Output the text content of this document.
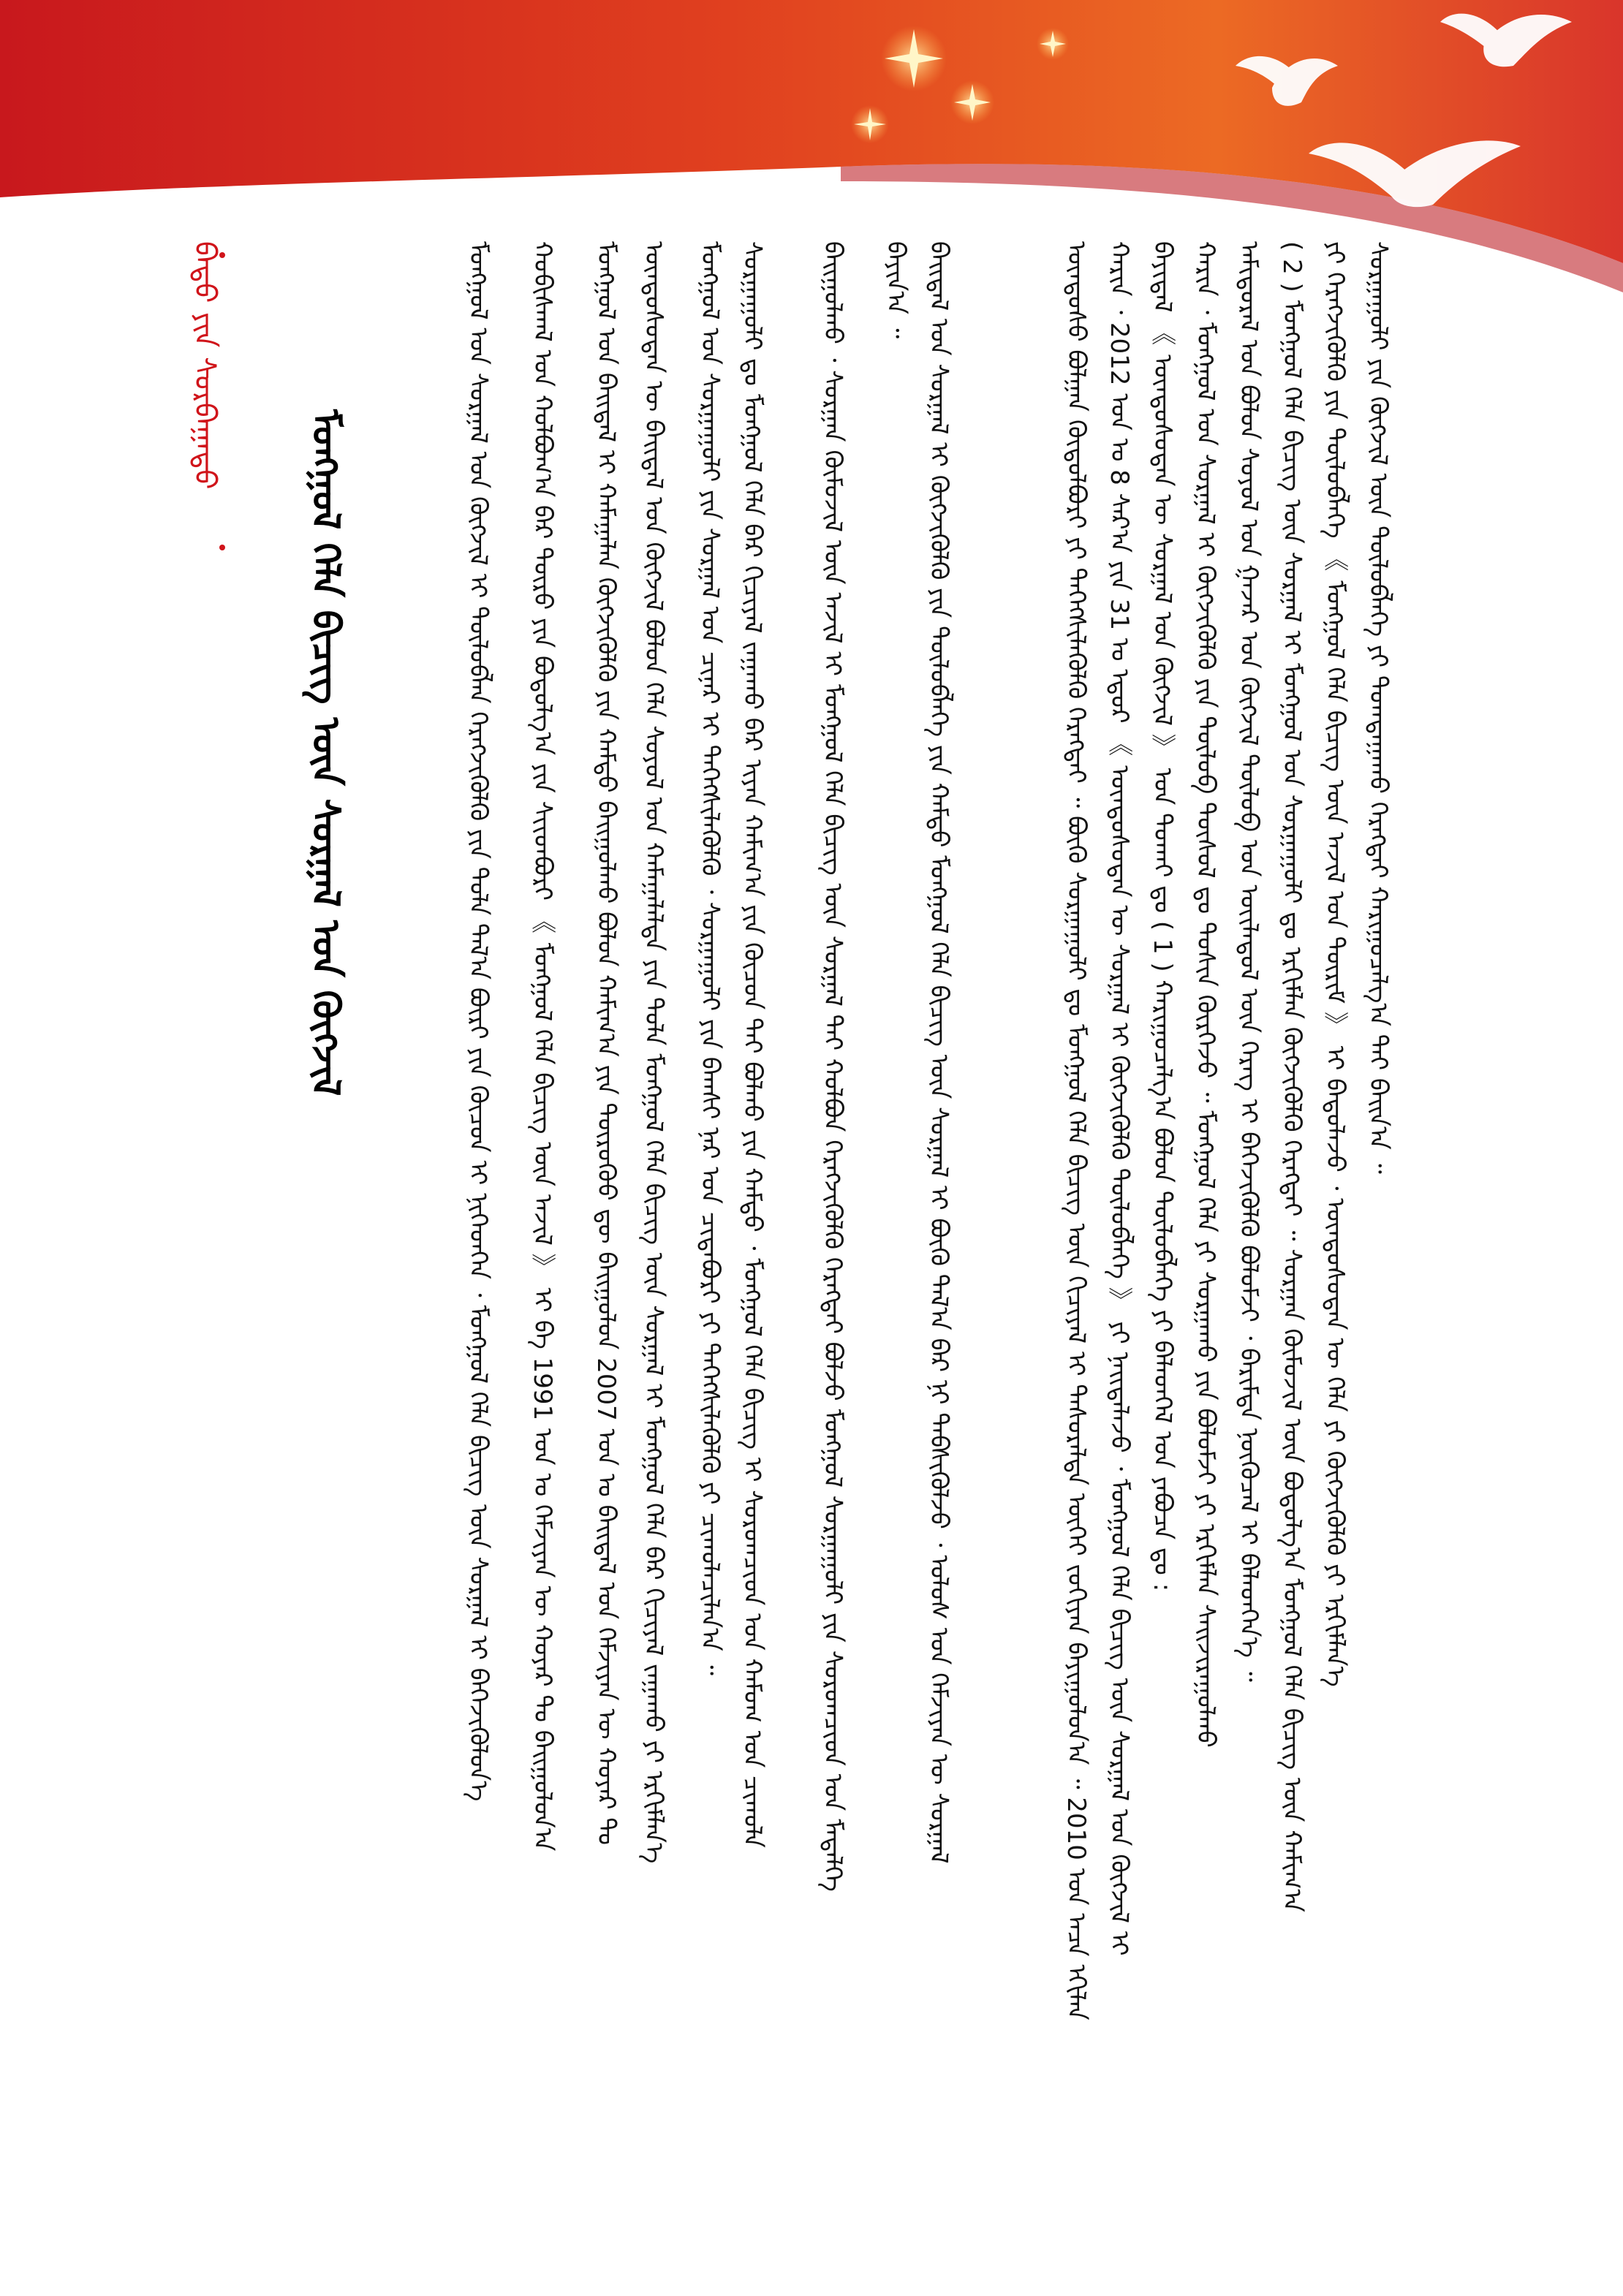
ᠮᠣᠩᠭᠣᠯ ᠬᠡᠯᠡ ᠪᠢᠴᠢᠭ ᠦᠨ ᠰᠤᠷᠭᠠᠯ ᠤᠨ ᠬᠥᠭᠵᠢᠯ
ᠪᠠᠲᠤ ᠶᠢᠨ ᠰᠤᠷᠪᠠᠭᠠᠲᠤ	ᠰᠤᠷᠭᠠᠭᠤᠯᠢ ᠶᠢᠨ ᠬᠥᠭᠵᠢᠯ ᠦᠨ ᠲᠥᠯᠥᠪᠯᠡᠭᠡ ᠶᠢ ᠲᠣᠭᠲᠠᠭᠠᠬᠤ ᠬᠡᠷᠡᠭᠲᠡᠢ ᠬᠠᠷᠢᠭᠤᠴᠠᠯᠭ᠎ᠠ ᠲᠠᠢ ᠪᠠᠢᠨ᠎ᠠ ᠃
ᠶᠢ ᠬᠡᠷᠡᠭᠵᠢᠭᠦᠯᠬᠦ ᠶᠢᠨ ᠲᠥᠯᠥᠪᠯᠡᠭᠡ 《 ᠮᠣᠩᠭᠣᠯ ᠬᠡᠯᠡ ᠪᠢᠴᠢᠭ ᠦᠨ ᠠᠵᠢᠯ ᠤᠨ ᠳᠦᠷᠢᠮ 》 ᠢ ᠪᠠᠲᠤᠯᠠᠵᠤ ᠂ ᠦᠨᠳᠦᠰᠦᠲᠡᠨ ᠦ ᠬᠡᠯᠡ ᠶᠢ ᠬᠥᠭᠵᠢᠭᠦᠯᠬᠦ ᠶᠢ ᠡᠷᠬᠢᠮᠯᠡᠨ᠎ᠡ
( 2 ) ᠮᠣᠩᠭᠣᠯ ᠬᠡᠯᠡ ᠪᠢᠴᠢᠭ ᠦᠨ ᠰᠤᠷᠭᠠᠯ ᠢ ᠮᠣᠩᠭᠣᠯ ᠤᠨ ᠰᠤᠷᠭᠠᠭᠤᠯᠢ ᠳᠤ ᠡᠷᠬᠢᠮᠯᠡᠨ ᠬᠥᠭᠵᠢᠭᠦᠯᠬᠦ ᠬᠡᠷᠡᠭᠲᠡᠢ ᠃ ᠰᠤᠷᠭᠠᠨ ᠬᠦᠮᠦᠵᠢᠯ ᠦᠨ ᠪᠣᠳᠤᠯᠭ᠎ᠠ ᠮᠣᠩᠭᠣᠯ ᠬᠡᠯᠡ ᠪᠢᠴᠢᠭ ᠦᠨ ᠬᠠᠮᠢᠭ᠎ᠠ
ᠠᠮᠢᠳᠤᠷᠠᠯ ᠤᠨ ᠪᠣᠯᠤᠨ ᠰᠣᠶᠣᠯ ᠤᠨ ᠭᠠᠵᠠᠷ ᠤᠨ ᠬᠥᠭᠵᠢᠯ ᠲᠥᠯᠥᠪ ᠤᠨ ᠦᠢᠯᠡᠳᠦᠯ ᠦᠨ ᠬᠡᠷᠡᠭ ᠢ ᠪᠡᠬᠡᠵᠢᠭᠦᠯᠬᠦ ᠪᠣᠯᠤᠮᠵᠢ ᠂ ᠪᠠᠷᠢᠮᠲᠠ ᠨᠥᠬᠥᠴᠡᠯ ᠢ ᠪᠡᠯᠡᠳᠬᠡᠨ᠎ᠡ ᠃
ᠬᠠᠷᠢᠨ ᠂ ᠮᠣᠩᠭᠣᠯ ᠤᠨ ᠰᠤᠷᠭᠠᠯ ᠢ ᠬᠥᠭᠵᠢᠭᠦᠯᠬᠦ ᠶᠢᠨ ᠲᠥᠯᠥᠪ ᠲᠥᠰᠥᠯ ᠳᠤ ᠲᠣᠰᠢᠨ ᠬᠦᠷᠭᠡᠵᠦ ᠃ ᠮᠣᠩᠭᠣᠯ ᠬᠡᠯᠡ ᠶᠢ ᠰᠤᠷᠭᠠᠬᠤ ᠶᠢᠨ ᠪᠣᠯᠤᠮᠵᠢ ᠶᠢ ᠡᠷᠬᠢᠮᠯᠡᠨ ᠰᠠᠢᠵᠢᠷᠠᠭᠤᠯᠬᠤ
ᠪᠠᠶᠢᠳᠠᠯ 《 ᠦᠨᠳᠦᠰᠦᠲᠡᠨ ᠦ ᠰᠤᠷᠭᠠᠯ ᠤᠨ ᠬᠥᠭᠵᠢᠯ 》 ᠤᠨ ᠲᠤᠬᠠᠢ ᠳᠤ ( 1 ) ᠬᠠᠷᠢᠭᠤᠴᠠᠯᠭ᠎ᠠ ᠪᠣᠯᠤᠨ ᠲᠥᠯᠥᠪᠯᠡᠭᠡ ᠶᠢ ᠪᠡᠯᠡᠳᠬᠡᠯ ᠤᠨ ᠶᠠᠪᠤᠴᠠ ᠳᠤ :
ᠬᠠᠷᠢᠨ ᠂ 2012 ᠣᠨ ᠤ 8 ᠰᠠᠷ᠎ᠠ ᠶᠢᠨ 31 ᠤ ᠡᠳᠦᠷ 《 ᠦᠨᠳᠦᠰᠦᠲᠡᠨ ᠦ ᠰᠤᠷᠭᠠᠯ ᠢ ᠬᠥᠭᠵᠢᠭᠦᠯᠬᠦ ᠲᠥᠯᠥᠪᠯᠡᠭᠡ 》 ᠶᠢ ᠨᠡᠢᠲᠡᠯᠡᠵᠦ ᠂ ᠮᠣᠩᠭᠣᠯ ᠬᠡᠯᠡ ᠪᠢᠴᠢᠭ ᠦᠨ ᠰᠤᠷᠭᠠᠯ ᠤᠨ ᠬᠥᠭᠵᠢᠯ ᠢ
ᠦᠨᠳᠦᠰᠦ ᠪᠣᠯᠭᠠᠨ ᠬᠥᠲᠦᠯᠪᠦᠷᠢ ᠶᠢ ᠳᠡᠭᠡᠭᠰᠢᠯᠡᠭᠦᠯᠬᠦ ᠬᠡᠷᠡᠭᠲᠡᠢ ᠃ ᠪᠦᠬᠦ ᠰᠤᠷᠭᠠᠭᠤᠯᠢ ᠳᠤ ᠮᠣᠩᠭᠣᠯ ᠬᠡᠯᠡ ᠪᠢᠴᠢᠭ ᠦᠨ ᠬᠢᠴᠢᠶᠡᠯ ᠢ ᠲᠠᠰᠤᠷᠠᠯᠲᠠ ᠦᠭᠡᠢ ᠵᠣᠬᠢᠶᠠᠨ ᠪᠠᠶᠢᠭᠤᠯᠤᠨ᠎ᠠ ᠃ 2010 ᠣᠨ ᠠᠴᠠ ᠡᠬᠢᠯᠡᠨ
ᠪᠠᠢᠳᠠᠯ ᠤᠨ ᠰᠤᠷᠭᠠᠯ ᠢ ᠬᠥᠭᠵᠢᠭᠦᠯᠬᠦ ᠶᠢᠨ ᠲᠥᠯᠥᠪᠯᠡᠭᠡ ᠶᠢᠨ ᠬᠠᠮᠲᠤ ᠮᠣᠩᠭᠣᠯ ᠬᠡᠯᠡ ᠪᠢᠴᠢᠭ ᠦᠨ ᠰᠤᠷᠭᠠᠯ ᠢ ᠪᠦᠬᠦ ᠲᠠᠯ᠎ᠠ ᠪᠠᠷ ᠨᠢ ᠳᠡᠪᠰᠢᠭᠦᠯᠵᠦ ᠂ ᠤᠯᠤᠰ ᠤᠨ ᠬᠡᠮᠵᠢᠶᠡᠨ ᠦ ᠰᠤᠷᠭᠠᠯ
ᠪᠠᠶᠢᠨ᠎ᠠ ᠃
ᠪᠠᠢᠭᠤᠯᠬᠤ ᠂ ᠰᠤᠷᠭᠠᠨ ᠬᠦᠮᠦᠵᠢᠯ ᠦᠨ ᠠᠵᠢᠯ ᠢ ᠮᠣᠩᠭᠣᠯ ᠬᠡᠯᠡ ᠪᠢᠴᠢᠭ ᠦᠨ ᠰᠤᠷᠭᠠᠯ ᠲᠠᠢ ᠬᠣᠯᠪᠣᠨ ᠬᠡᠷᠡᠭᠵᠢᠭᠦᠯᠬᠦ ᠬᠡᠷᠡᠭᠲᠡᠢ ᠪᠣᠯᠵᠤ ᠮᠣᠩᠭᠣᠯ ᠰᠤᠷᠭᠠᠭᠤᠯᠢ ᠶᠢᠨ ᠰᠤᠷᠤᠭᠴᠢᠳ ᠤᠨ ᠮᠡᠳᠡᠯᠭᠡ
ᠰᠤᠷᠭᠠᠭᠤᠯᠢ ᠳᠤ ᠮᠣᠩᠭᠣᠯ ᠬᠡᠯᠡ ᠪᠠᠷ ᠬᠢᠴᠢᠶᠡᠯ ᠵᠠᠭᠠᠬᠤ ᠪᠠᠷ ᠢᠶᠡᠨ ᠬᠠᠮᠢᠭ᠎ᠠ ᠶᠢᠨ ᠬᠦᠴᠦᠨ ᠲᠡᠢ ᠪᠣᠯᠬᠤ ᠶᠢᠨ ᠬᠠᠮᠲᠤ ᠂ ᠮᠣᠩᠭᠣᠯ ᠬᠡᠯᠡ ᠪᠢᠴᠢᠭ ᠢ ᠰᠤᠷᠤᠭᠴᠢᠳ ᠤᠨ ᠬᠠᠮᠤᠭ ᠤᠨ ᠴᠢᠬᠤᠯᠠ
ᠮᠣᠩᠭᠣᠯ ᠤᠨ ᠰᠤᠷᠭᠠᠭᠤᠯᠢ ᠶᠢᠨ ᠰᠤᠷᠭᠠᠯ ᠤᠨ ᠴᠢᠨᠠᠷ ᠢ ᠳᠡᠭᠡᠭᠰᠢᠯᠡᠭᠦᠯᠬᠦ ᠂ ᠰᠤᠷᠭᠠᠭᠤᠯᠢ ᠶᠢᠨ ᠪᠠᠭᠰᠢ ᠨᠠᠷ ᠤᠨ ᠴᠢᠳᠠᠪᠤᠷᠢ ᠶᠢ ᠳᠡᠭᠡᠭᠰᠢᠯᠡᠭᠦᠯᠬᠦ ᠶᠢ ᠴᠢᠬᠤᠯᠠᠴᠢᠯᠠᠨ᠎ᠠ ᠃
ᠦᠨᠳᠦᠰᠦᠲᠡᠨ ᠦ ᠪᠠᠢᠳᠠᠯ ᠤᠨ ᠬᠥᠭᠵᠢᠯ ᠪᠣᠯᠤᠨ ᠬᠡᠯᠡ ᠰᠣᠶᠣᠯ ᠤᠨ ᠬᠠᠮᠠᠭᠠᠯᠠᠯᠲᠠ ᠶᠢᠨ ᠲᠤᠯᠠ ᠮᠣᠩᠭᠣᠯ ᠬᠡᠯᠡ ᠪᠢᠴᠢᠭ ᠦᠨ ᠰᠤᠷᠭᠠᠯ ᠢ ᠮᠣᠩᠭᠣᠯ ᠬᠡᠯᠡ ᠪᠠᠷ ᠬᠢᠴᠢᠶᠡᠯ ᠵᠠᠭᠠᠬᠤ ᠶᠢ ᠡᠷᠬᠢᠮᠯᠡᠨ᠎ᠡ
ᠮᠣᠩᠭᠣᠯ ᠤᠨ ᠪᠠᠢᠳᠠᠯ ᠢ ᠬᠠᠮᠠᠭᠠᠯᠠᠨ ᠬᠥᠭᠵᠢᠭᠦᠯᠬᠦ ᠶᠢᠨ ᠬᠠᠮᠲᠤ ᠪᠠᠢᠭᠤᠯᠬᠤ ᠪᠣᠯᠤᠨ ᠬᠠᠮᠢᠭ᠎ᠠ ᠶᠢᠨ ᠲᠦᠷᠦᠭᠦᠦ ᠳᠦ ᠪᠠᠢᠭᠤᠯᠤᠨ 2007 ᠣᠨ ᠤ ᠪᠠᠢᠳᠠᠯ ᠤᠨ ᠬᠡᠮᠵᠢᠶᠡᠨ ᠦ ᠬᠣᠶᠠᠷ ᠲᠤ
ᠬᠤᠪᠢᠰᠬᠠᠯ ᠤᠨ ᠬᠣᠯᠪᠣᠭ᠎ᠠ ᠪᠠᠷ ᠲᠥᠷᠥ ᠶᠢᠨ ᠪᠣᠳᠤᠯᠭ᠎ᠠ ᠶᠢᠨ ᠰᠢᠢᠳᠪᠦᠷᠢ 《 ᠮᠣᠩᠭᠣᠯ ᠬᠡᠯᠡ ᠪᠢᠴᠢᠭ ᠦᠨ ᠠᠵᠢᠯ 》 ᠢ ᠪᠠ 1991 ᠣᠨ ᠤ ᠬᠡᠮᠵᠢᠶᠡᠨ ᠦ ᠬᠣᠶᠠᠷ ᠲᠤ ᠪᠠᠢᠭᠤᠯᠤᠨ᠎ᠠ
ᠮᠣᠩᠭᠣᠯ ᠤᠨ ᠰᠤᠷᠭᠠᠯ ᠤᠨ ᠬᠥᠭᠵᠢᠯ ᠢ ᠲᠥᠯᠥᠪᠯᠡᠨ ᠬᠡᠷᠡᠭᠵᠢᠭᠦᠯᠬᠦ ᠶᠢᠨ ᠲᠤᠯᠠ ᠲᠠᠯ᠎ᠠ ᠪᠦᠷᠢ ᠶᠢᠨ ᠬᠦᠴᠦᠨ ᠢ ᠨᠢᠭᠡᠳᠬᠡᠨ ᠂ ᠮᠣᠩᠭᠣᠯ ᠬᠡᠯᠡ ᠪᠢᠴᠢᠭ ᠦᠨ ᠰᠤᠷᠭᠠᠯ ᠢ ᠪᠡᠬᠡᠵᠢᠭᠦᠯᠦᠨ᠎ᠡ
